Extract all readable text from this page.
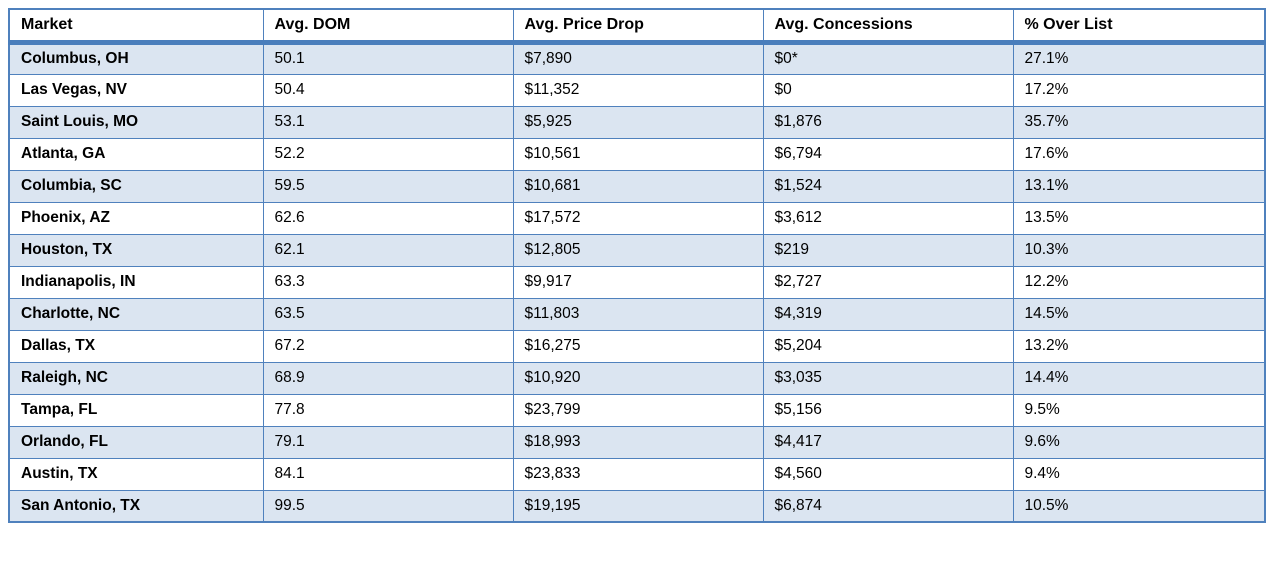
Market	Avg. DOM	Avg. Price Drop	Avg. Concessions	% Over List
Columbus, OH	50.1	$7,890	$0*	27.1%
Las Vegas, NV	50.4	$11,352	$0	17.2%
Saint Louis, MO	53.1	$5,925	$1,876	35.7%
Atlanta, GA	52.2	$10,561	$6,794	17.6%
Columbia, SC	59.5	$10,681	$1,524	13.1%
Phoenix, AZ	62.6	$17,572	$3,612	13.5%
Houston, TX	62.1	$12,805	$219	10.3%
Indianapolis, IN	63.3	$9,917	$2,727	12.2%
Charlotte, NC	63.5	$11,803	$4,319	14.5%
Dallas, TX	67.2	$16,275	$5,204	13.2%
Raleigh, NC	68.9	$10,920	$3,035	14.4%
Tampa, FL	77.8	$23,799	$5,156	9.5%
Orlando, FL	79.1	$18,993	$4,417	9.6%
Austin, TX	84.1	$23,833	$4,560	9.4%
San Antonio, TX	99.5	$19,195	$6,874	10.5%
